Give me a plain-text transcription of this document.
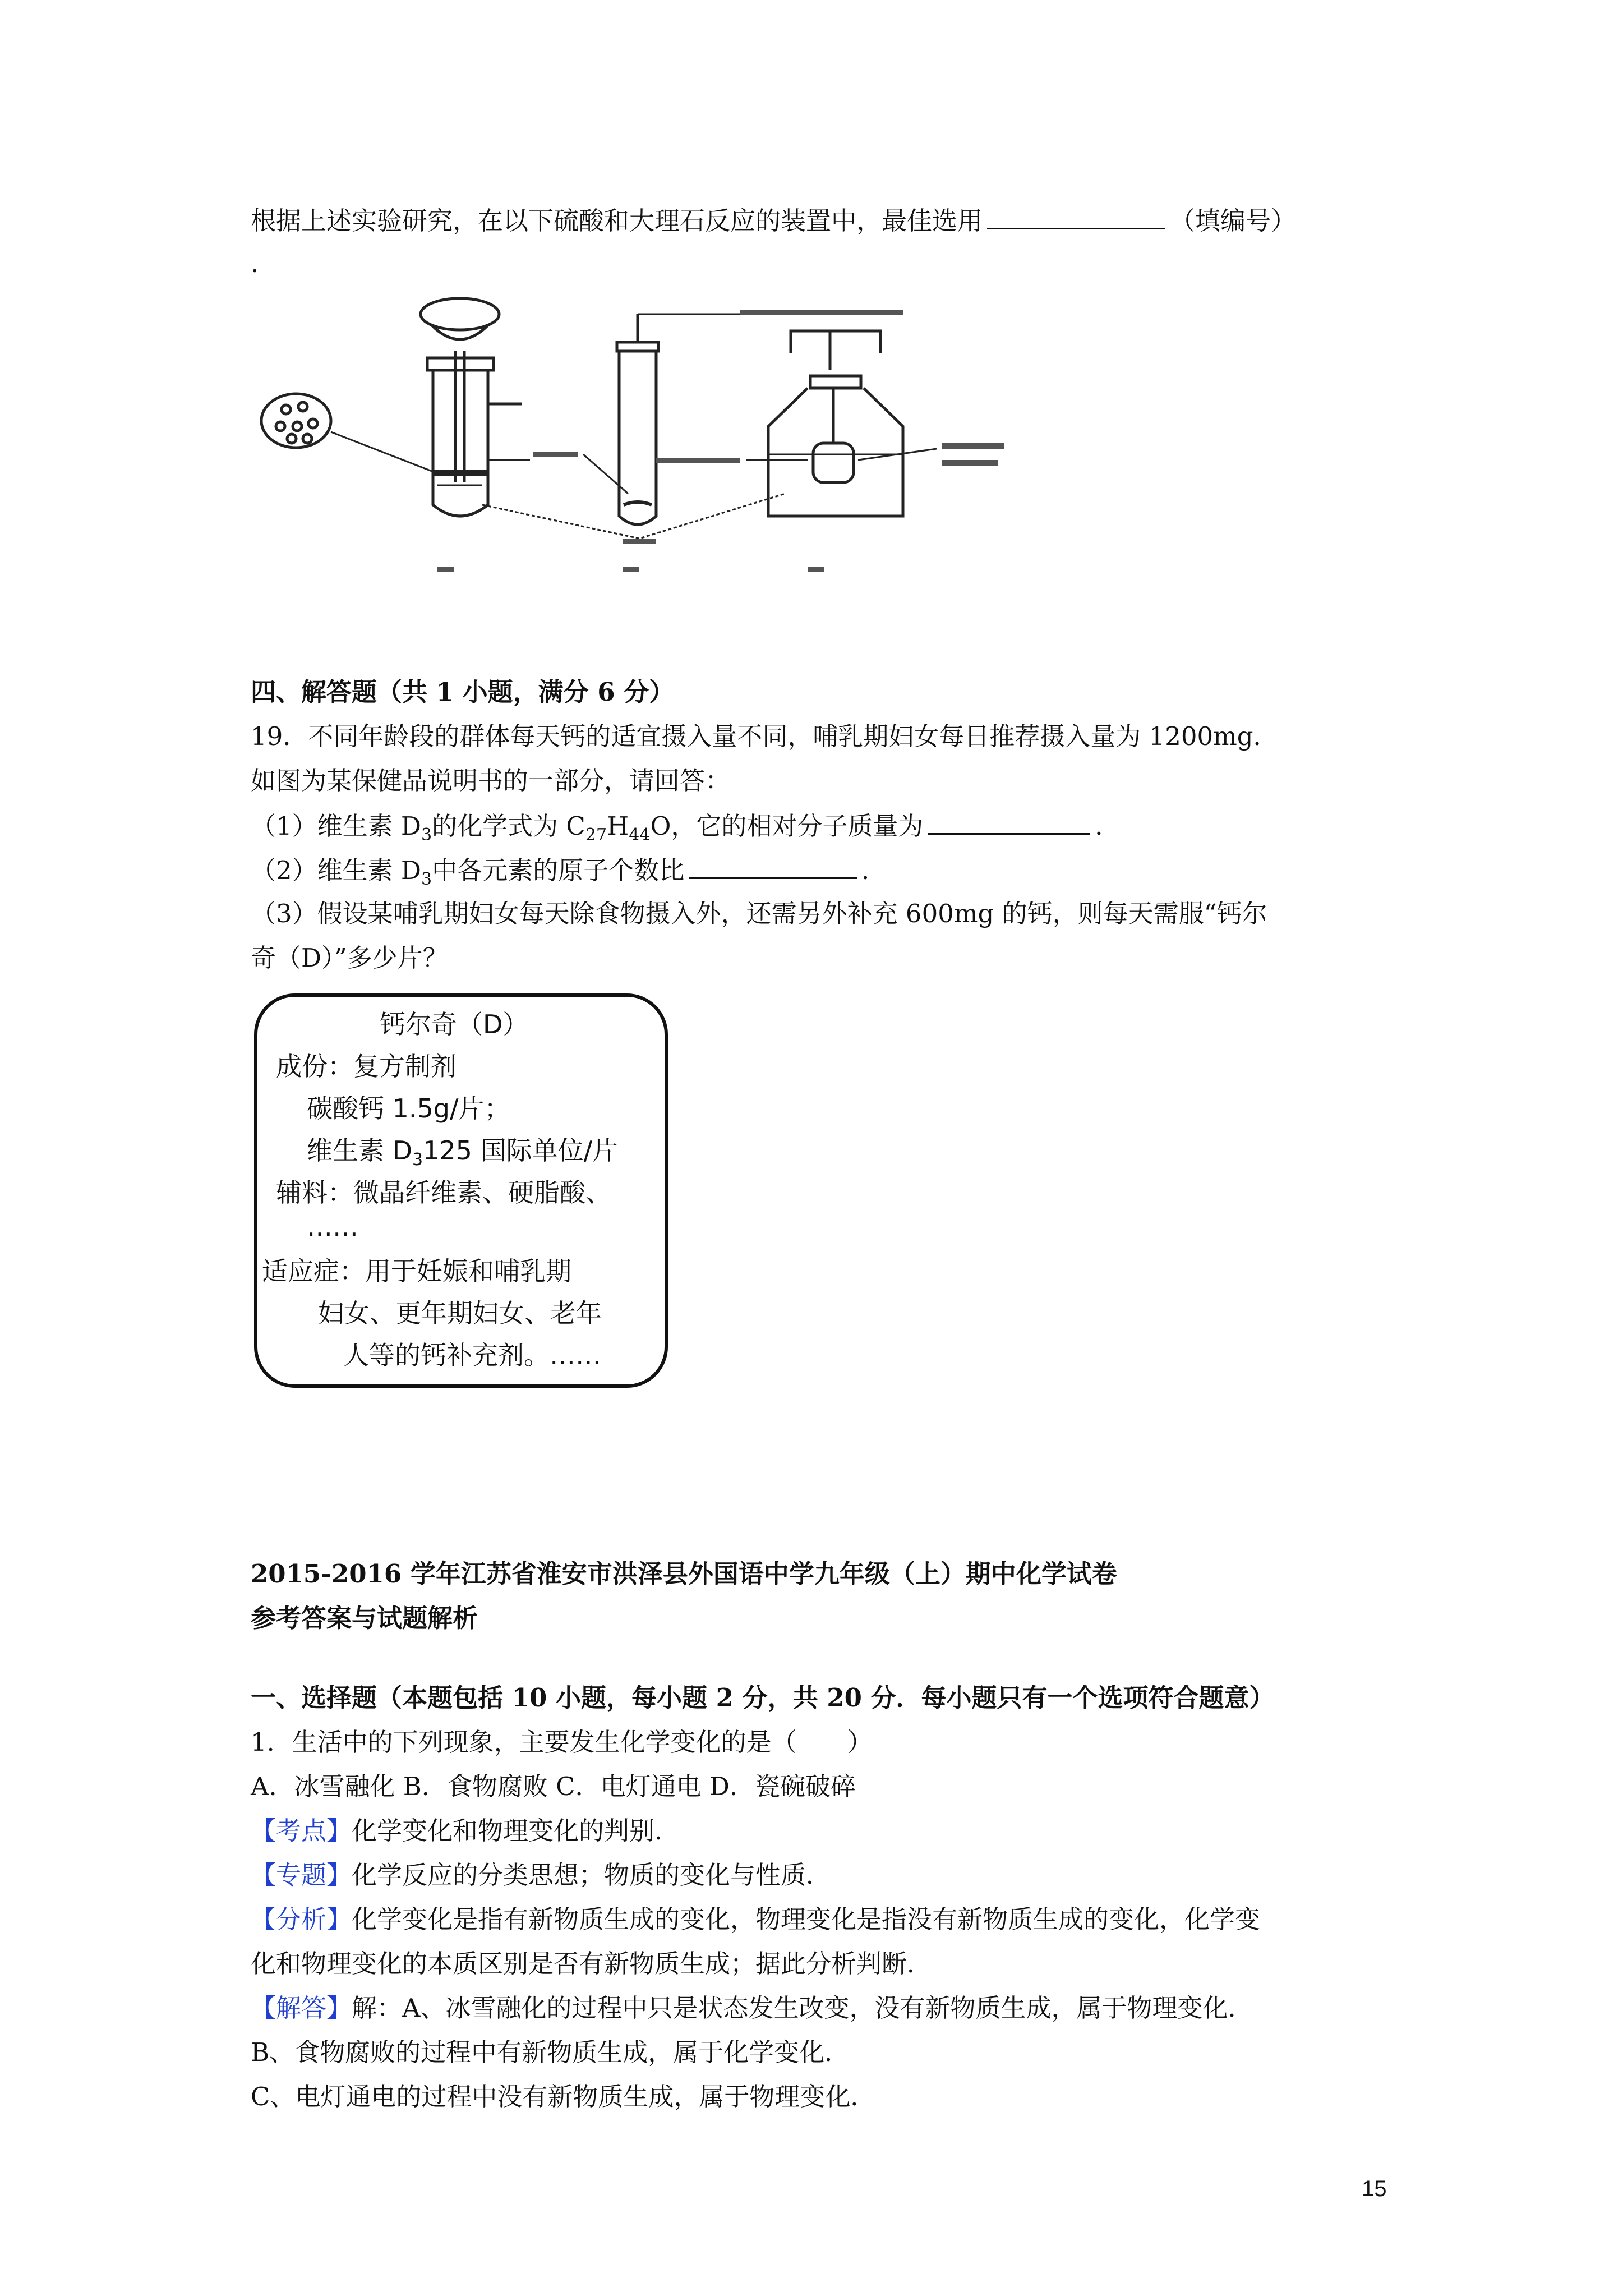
根据上述实验研究，在以下硫酸和大理石反应的装置中，最佳选用	（填编号）
.
四、解答题（共 1 小题，满分 6 分）
19．不同年龄段的群体每天钙的适宜摄入量不同，哺乳期妇女每日推荐摄入量为 1200mg．
如图为某保健品说明书的一部分，请回答：
（1）维生素 $D_3$的化学式为 $C_{27}H_{44}O$，它的相对分子质量为	．
（2）维生素 $D_3$中各元素的原子个数比	．
（3）假设某哺乳期妇女每天除食物摄入外，还需另外补充 600mg 的钙，则每天需服“钙尔
奇（D）”多少片？
钙尔奇（D）
成份：复方制剂
碳酸钙 1.5g/片；
维生素 $D_3125$ 国际单位/片
辅料：微晶纤维素、硬脂酸、
……
适应症：用于妊娠和哺乳期
妇女、更年期妇女、老年
人等的钙补充剂。……
2015-2016 学年江苏省淮安市洪泽县外国语中学九年级（上）期中化学试卷
参考答案与试题解析
一、选择题（本题包括 10 小题，每小题 2 分，共 20 分．每小题只有一个选项符合题意）
1．生活中的下列现象，主要发生化学变化的是（　　）
A．冰雪融化 B．食物腐败 C．电灯通电 D．瓷碗破碎
【考点】化学变化和物理变化的判别．
【专题】化学反应的分类思想；物质的变化与性质．
【分析】化学变化是指有新物质生成的变化，物理变化是指没有新物质生成的变化，化学变
化和物理变化的本质区别是否有新物质生成；据此分析判断．
【解答】解：A、冰雪融化的过程中只是状态发生改变，没有新物质生成，属于物理变化．
B、食物腐败的过程中有新物质生成，属于化学变化．
C、电灯通电的过程中没有新物质生成，属于物理变化．
15
